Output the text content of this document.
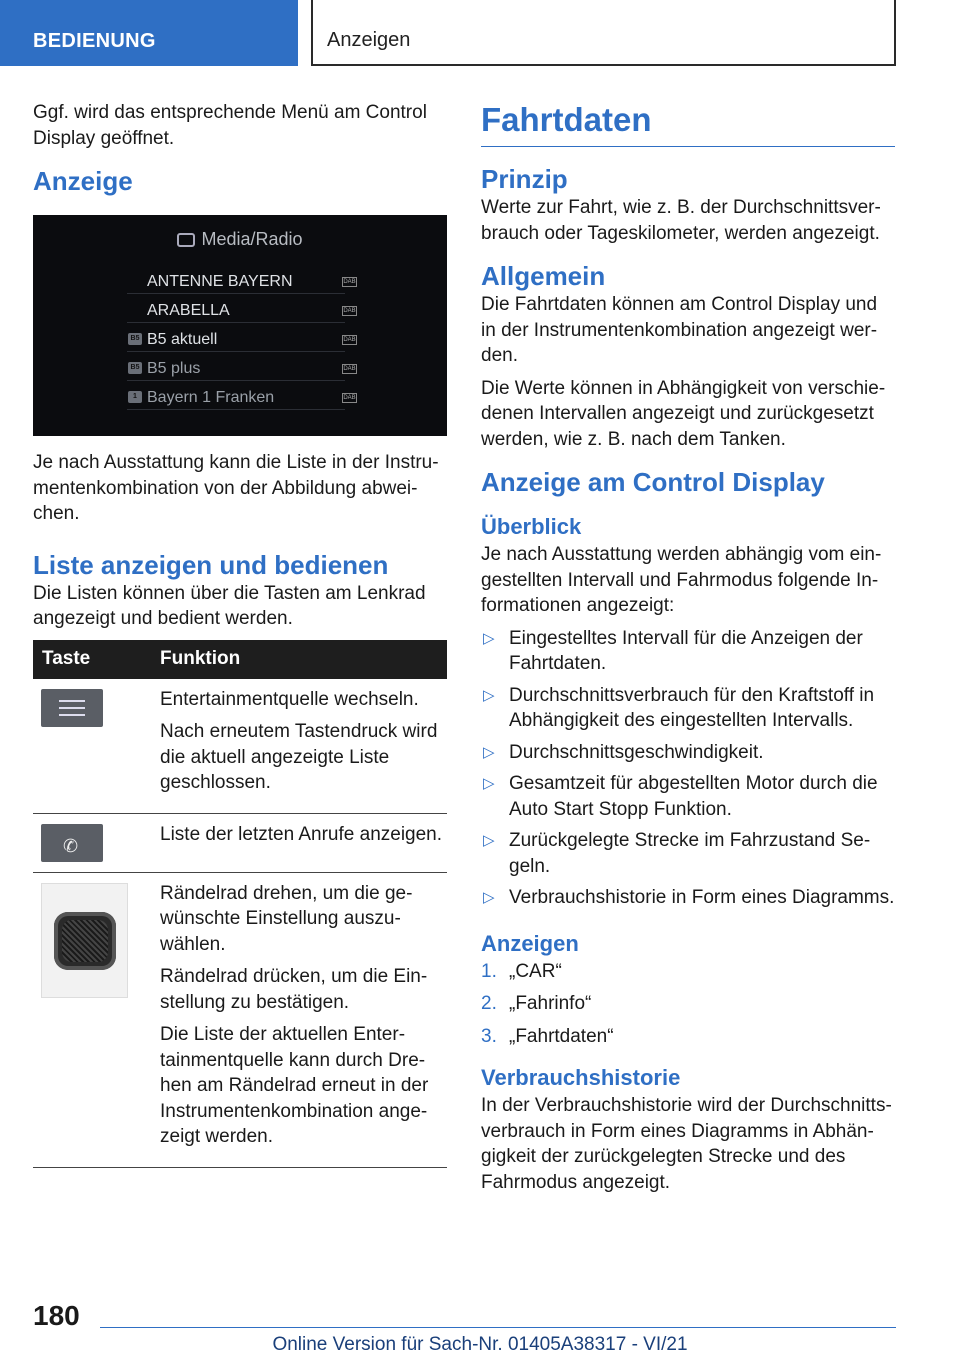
BEDIENUNG	Anzeigen

Ggf. wird das entsprechende Menü am Control Display geöffnet.

Anzeige
Media/Radio
ANTENNE BAYERN	DAB
ARABELLA	DAB
B5 B5 aktuell	DAB
B5 B5 plus	DAB
1 Bayern 1 Franken	DAB

Je nach Ausstattung kann die Liste in der Instrumentenkombination von der Abbildung abweichen.

Liste anzeigen und bedienen

Die Listen können über die Tasten am Lenkrad angezeigt und bedient werden.

Taste	Funktion

	Entertainmentquelle wechseln.

Nach erneutem Tastendruck wird die aktuell angezeigte Liste geschlossen.

✆	Liste der letzten Anrufe anzeigen.

	Rändelrad drehen, um die gewünschte Einstellung auszuwählen.

Rändelrad drücken, um die Einstellung zu bestätigen.

Die Liste der aktuellen Entertainmentquelle kann durch Drehen am Rändelrad erneut in der Instrumentenkombination angezeigt werden.

Fahrtdaten
Prinzip

Werte zur Fahrt, wie z. B. der Durchschnittsverbrauch oder Tageskilometer, werden angezeigt.

Allgemein

Die Fahrtdaten können am Control Display und in der Instrumentenkombination angezeigt werden.

Die Werte können in Abhängigkeit von verschiedenen Intervallen angezeigt und zurückgesetzt werden, wie z. B. nach dem Tanken.

Anzeige am Control Display
Überblick

Je nach Ausstattung werden abhängig vom eingestellten Intervall und Fahrmodus folgende Informationen angezeigt:

▷ Eingestelltes Intervall für die Anzeigen der Fahrtdaten.
▷ Durchschnittsverbrauch für den Kraftstoff in Abhängigkeit des eingestellten Intervalls.
▷ Durchschnittsgeschwindigkeit.
▷ Gesamtzeit für abgestellten Motor durch die Auto Start Stopp Funktion.
▷ Zurückgelegte Strecke im Fahrzustand Segeln.
▷ Verbrauchshistorie in Form eines Diagramms.
Anzeigen
1. „CAR“
2. „Fahrinfo“
3. „Fahrtdaten“
Verbrauchshistorie

In der Verbrauchshistorie wird der Durchschnittsverbrauch in Form eines Diagramms in Abhängigkeit der zurückgelegten Strecke und des Fahrmodus angezeigt.

180
Online Version für Sach-Nr. 01405A38317 - VI/21
